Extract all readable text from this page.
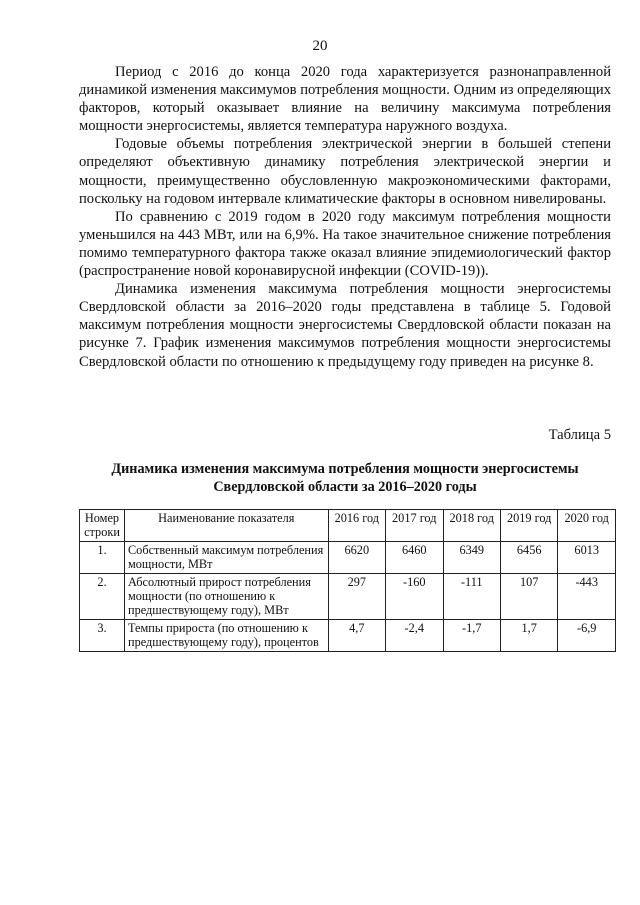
20

Период с 2016 до конца 2020 года характеризуется разнонаправленной динамикой изменения максимумов потребления мощности. Одним из определяющих факторов, который оказывает влияние на величину максимума потребления мощности энергосистемы, является температура наружного воздуха.

Годовые объемы потребления электрической энергии в большей степени определяют объективную динамику потребления электрической энергии и мощности, преимущественно обусловленную макроэкономическими факторами, поскольку на годовом интервале климатические факторы в основном нивелированы.

По сравнению с 2019 годом в 2020 году максимум потребления мощности уменьшился на 443 МВт, или на 6,9%. На такое значительное снижение потребления помимо температурного фактора также оказал влияние эпидемиологический фактор (распространение новой коронавирусной инфекции (COVID-19)).

Динамика изменения максимума потребления мощности энергосистемы Свердловской области за 2016–2020 годы представлена в таблице 5. Годовой максимум потребления мощности энергосистемы Свердловской области показан на рисунке 7. График изменения максимумов потребления мощности энергосистемы Свердловской области по отношению к предыдущему году приведен на рисунке 8.

Таблица 5
Динамика изменения максимума потребления мощности энергосистемы Свердловской области за 2016–2020 годы
Номер строки	Наименование показателя	2016 год	2017 год	2018 год	2019 год	2020 год
1.	Собственный максимум потребления мощности, МВт	6620	6460	6349	6456	6013
2.	Абсолютный прирост потребления мощности (по отношению к предшествующему году), МВт	297	-160	-111	107	-443
3.	Темпы прироста (по отношению к предшествующему году), процентов	4,7	-2,4	-1,7	1,7	-6,9
